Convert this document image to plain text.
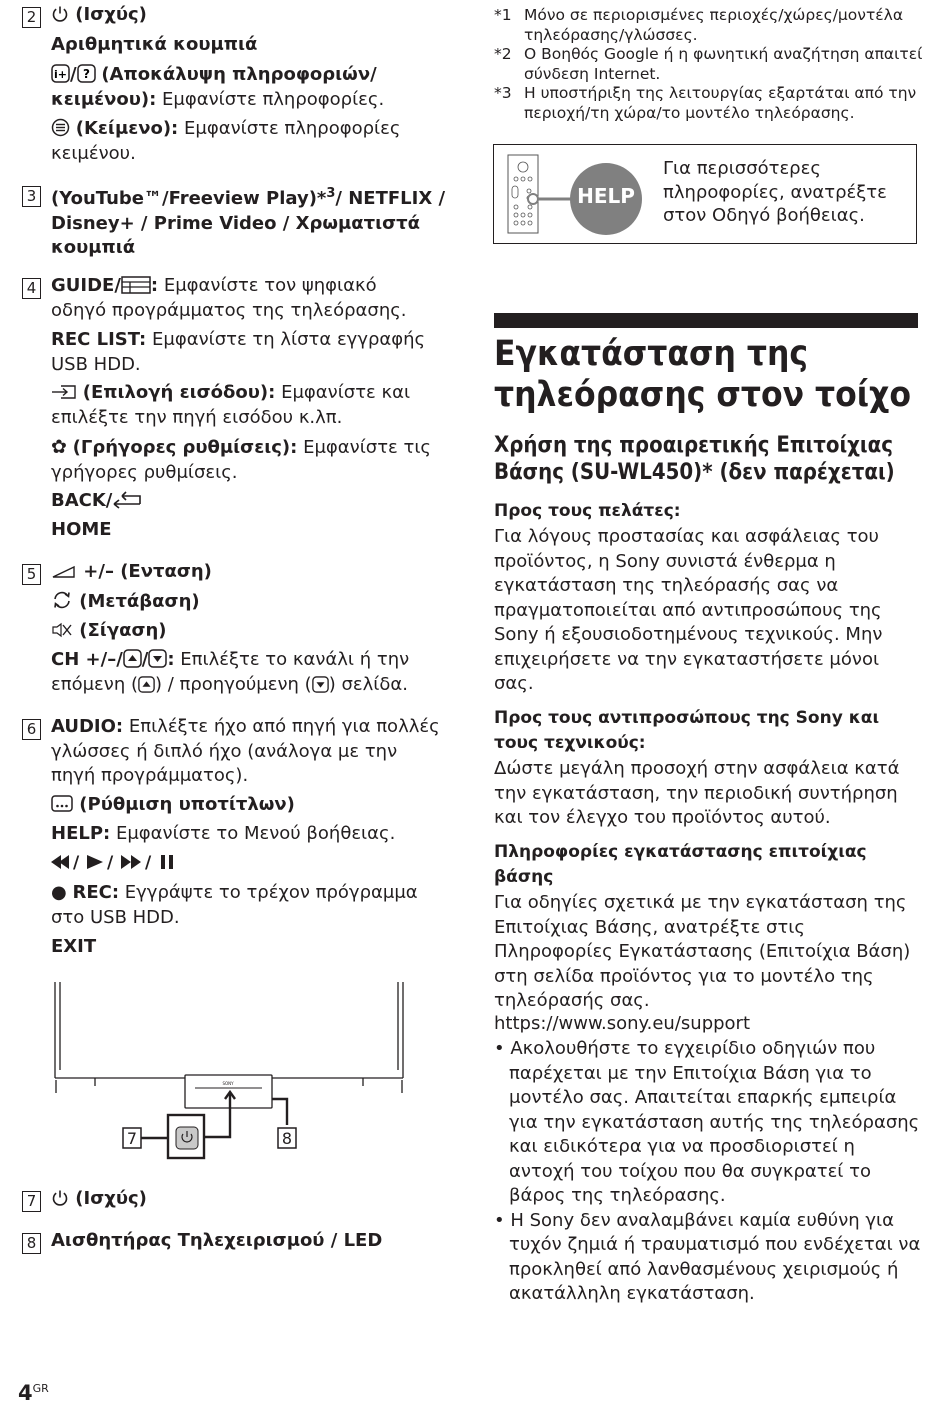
2	(Ισχύς)
Αριθμητικά κουμπιά
i+ / ? (Αποκάλυψη πληροφοριών/ κειμένου): Εμφανίστε πληροφορίες.
(Κείμενο): Εμφανίστε πληροφορίες κειμένου.
3 (YouTube™/Freeview Play)*$^3$/ NETFLIX / Disney+ / Prime Video / Χρωματιστά κουμπιά
4 GUIDE/ : Εμφανίστε τον ψηφιακό οδηγό προγράμματος της τηλεόρασης.
REC LIST: Εμφανίστε τη λίστα εγγραφής USB HDD.
(Επιλογή εισόδου): Εμφανίστε και επιλέξτε την πηγή εισόδου κ.λπ.
✿ (Γρήγορες ρυθμίσεις): Εμφανίστε τις γρήγορες ρυθμίσεις.
BACK/
HOME
5	+/– (Ενταση)
(Μετάβαση)
(Σίγαση)
CH +/–/ / : Επιλέξτε το κανάλι ή την επόμενη ( ) / προηγούμενη ( ) σελίδα.
6 AUDIO: Επιλέξτε ήχο από πηγή για πολλές γλώσσες ή διπλό ήχο (ανάλογα με την πηγή προγράμματος).
(Ρύθμιση υποτίτλων)
HELP: Εμφανίστε το Μενού βοήθειας.
/ / /
● REC: Εγγράψτε το τρέχον πρόγραμμα στο USB HDD.
EXIT
SONY
7	8
7	(Ισχύς)
8 Αισθητήρας Τηλεχειρισμού / LED
*1 Μόνο σε περιορισμένες περιοχές/χώρες/μοντέλα τηλεόρασης/γλώσσες.
*2 Ο Βοηθός Google ή η φωνητική αναζήτηση απαιτεί σύνδεση Internet.
*3 Η υποστήριξη της λειτουργίας εξαρτάται από την περιοχή/τη χώρα/το μοντέλο τηλεόρασης.
HELP
Για περισσότερες πληροφορίες, ανατρέξτε στον Οδηγό βοήθειας.
Εγκατάσταση της τηλεόρασης στον τοίχο
Χρήση της προαιρετικής Επιτοίχιας Βάσης (SU-WL450)* (δεν παρέχεται)
Προς τους πελάτες:
Για λόγους προστασίας και ασφάλειας του προϊόντος, η Sony συνιστά ένθερμα η εγκατάσταση της τηλεόρασής σας να πραγματοποιείται από αντιπροσώπους της Sony ή εξουσιοδοτημένους τεχνικούς. Μην επιχειρήσετε να την εγκαταστήσετε μόνοι σας.
Προς τους αντιπροσώπους της Sony και τους τεχνικούς:
Δώστε μεγάλη προσοχή στην ασφάλεια κατά την εγκατάσταση, την περιοδική συντήρηση και τον έλεγχο του προϊόντος αυτού.
Πληροφορίες εγκατάστασης επιτοίχιας βάσης
Για οδηγίες σχετικά με την εγκατάσταση της Επιτοίχιας Βάσης, ανατρέξτε στις Πληροφορίες Εγκατάστασης (Επιτοίχια Βάση) στη σελίδα προϊόντος για το μοντέλο της τηλεόρασής σας.
https://www.sony.eu/support
• Ακολουθήστε το εγχειρίδιο οδηγιών που παρέχεται με την Επιτοίχια Βάση για το μοντέλο σας. Απαιτείται επαρκής εμπειρία για την εγκατάσταση αυτής της τηλεόρασης και ειδικότερα για να προσδιοριστεί η αντοχή του τοίχου που θα συγκρατεί το βάρος της τηλεόρασης.
• Η Sony δεν αναλαμβάνει καμία ευθύνη για τυχόν ζημιά ή τραυματισμό που ενδέχεται να προκληθεί από λανθασμένους χειρισμούς ή ακατάλληλη εγκατάσταση.
$4^{GR}$
